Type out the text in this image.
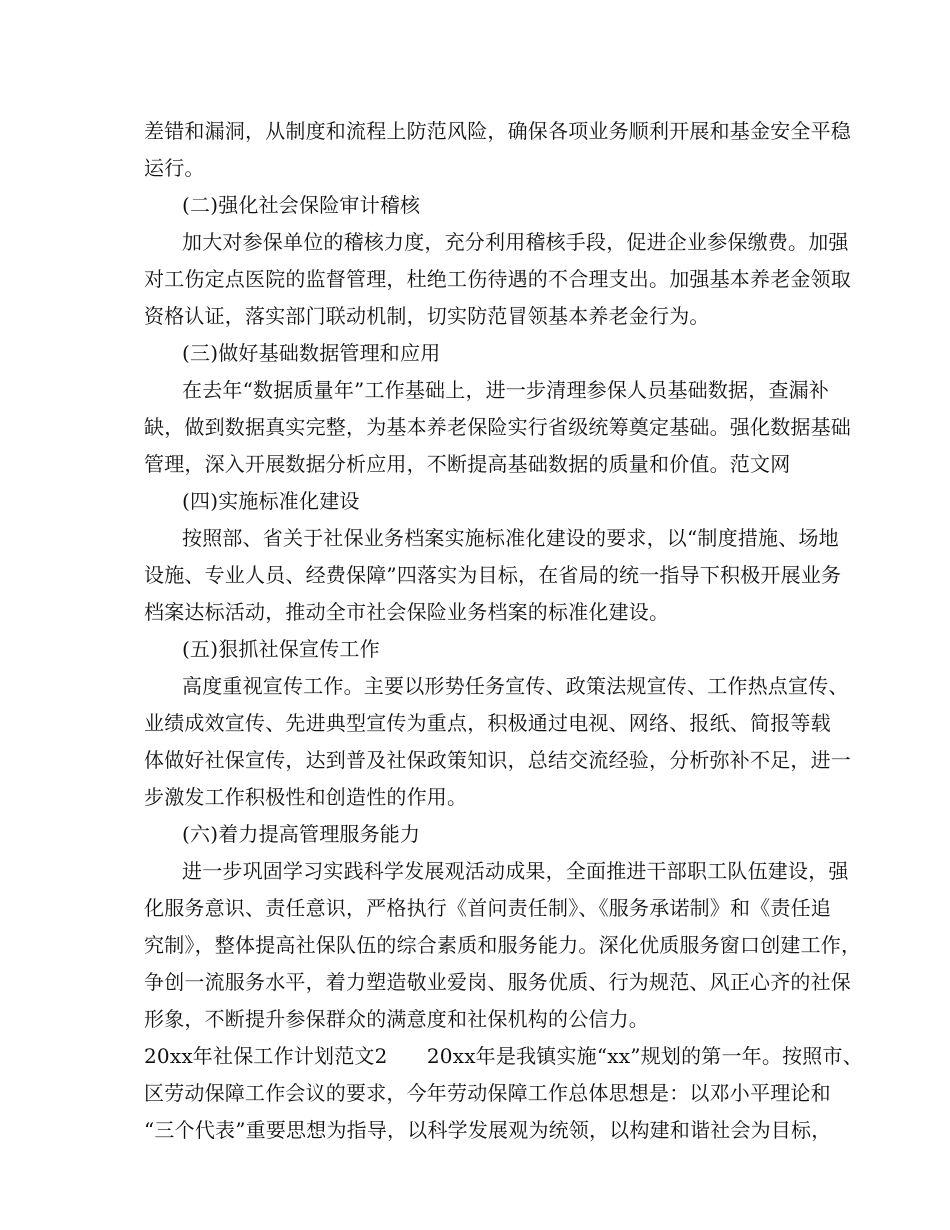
差错和漏洞，从制度和流程上防范风险，确保各项业务顺利开展和基金安全平稳
运行。
(二)强化社会保险审计稽核
加大对参保单位的稽核力度，充分利用稽核手段，促进企业参保缴费。加强
对工伤定点医院的监督管理，杜绝工伤待遇的不合理支出。加强基本养老金领取
资格认证，落实部门联动机制，切实防范冒领基本养老金行为。
(三)做好基础数据管理和应用
在去年“数据质量年”工作基础上，进一步清理参保人员基础数据，查漏补
缺，做到数据真实完整，为基本养老保险实行省级统筹奠定基础。强化数据基础
管理，深入开展数据分析应用，不断提高基础数据的质量和价值。范文网
(四)实施标准化建设
按照部、省关于社保业务档案实施标准化建设的要求，以“制度措施、场地
设施、专业人员、经费保障”四落实为目标，在省局的统一指导下积极开展业务
档案达标活动，推动全市社会保险业务档案的标准化建设。
(五)狠抓社保宣传工作
高度重视宣传工作。主要以形势任务宣传、政策法规宣传、工作热点宣传、
业绩成效宣传、先进典型宣传为重点，积极通过电视、网络、报纸、简报等载
体做好社保宣传，达到普及社保政策知识，总结交流经验，分析弥补不足，进一
步激发工作积极性和创造性的作用。
(六)着力提高管理服务能力
进一步巩固学习实践科学发展观活动成果，全面推进干部职工队伍建设，强
化服务意识、责任意识，严格执行《首问责任制》、《服务承诺制》和《责任追
究制》，整体提高社保队伍的综合素质和服务能力。深化优质服务窗口创建工作，
争创一流服务水平，着力塑造敬业爱岗、服务优质、行为规范、风正心齐的社保
形象，不断提升参保群众的满意度和社保机构的公信力。
20xx年社保工作计划范文2      20xx年是我镇实施“xx”规划的第一年。按照市、
区劳动保障工作会议的要求，今年劳动保障工作总体思想是：以邓小平理论和
“三个代表”重要思想为指导，以科学发展观为统领，以构建和谐社会为目标，
